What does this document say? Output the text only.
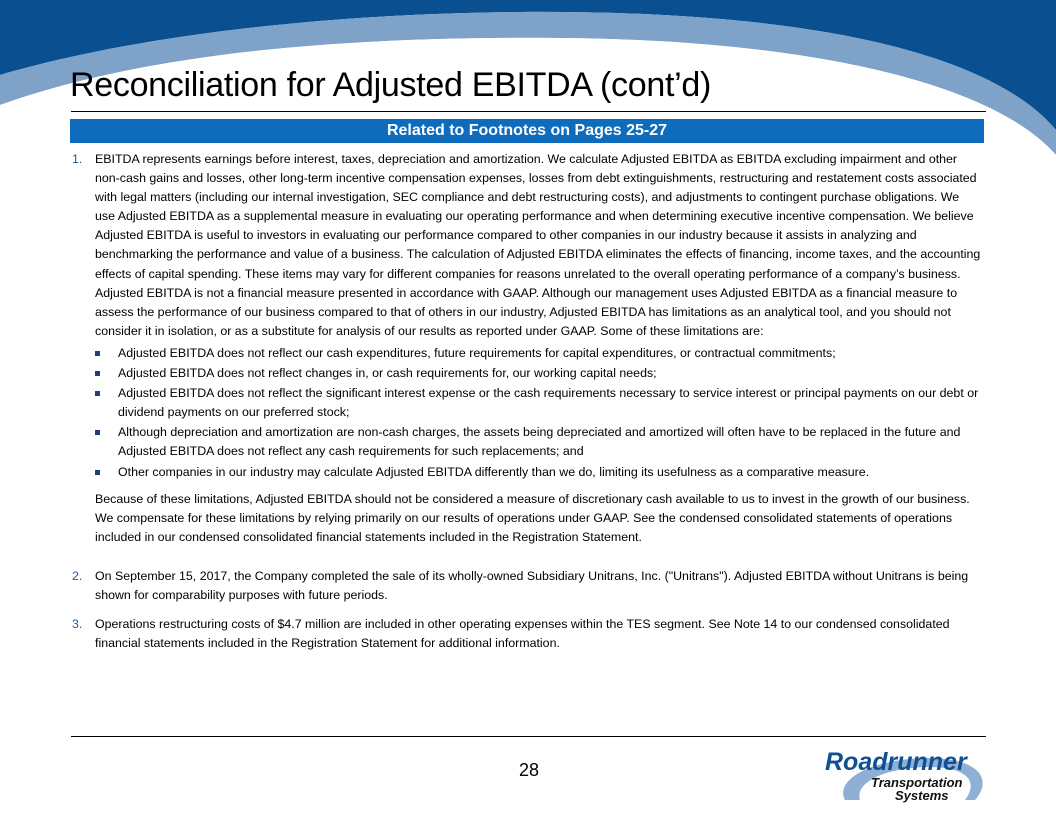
Reconciliation for Adjusted EBITDA (cont’d)
Related to Footnotes on Pages 25-27
1. EBITDA represents earnings before interest, taxes, depreciation and amortization. We calculate Adjusted EBITDA as EBITDA excluding impairment and other non-cash gains and losses, other long-term incentive compensation expenses, losses from debt extinguishments, restructuring and restatement costs associated with legal matters (including our internal investigation, SEC compliance and debt restructuring costs), and adjustments to contingent purchase obligations. We use Adjusted EBITDA as a supplemental measure in evaluating our operating performance and when determining executive incentive compensation. We believe Adjusted EBITDA is useful to investors in evaluating our performance compared to other companies in our industry because it assists in analyzing and benchmarking the performance and value of a business. The calculation of Adjusted EBITDA eliminates the effects of financing, income taxes, and the accounting effects of capital spending. These items may vary for different companies for reasons unrelated to the overall operating performance of a company’s business. Adjusted EBITDA is not a financial measure presented in accordance with GAAP. Although our management uses Adjusted EBITDA as a financial measure to assess the performance of our business compared to that of others in our industry, Adjusted EBITDA has limitations as an analytical tool, and you should not consider it in isolation, or as a substitute for analysis of our results as reported under GAAP. Some of these limitations are:
Adjusted EBITDA does not reflect our cash expenditures, future requirements for capital expenditures, or contractual commitments;
Adjusted EBITDA does not reflect changes in, or cash requirements for, our working capital needs;
Adjusted EBITDA does not reflect the significant interest expense or the cash requirements necessary to service interest or principal payments on our debt or dividend payments on our preferred stock;
Although depreciation and amortization are non-cash charges, the assets being depreciated and amortized will often have to be replaced in the future and Adjusted EBITDA does not reflect any cash requirements for such replacements; and
Other companies in our industry may calculate Adjusted EBITDA differently than we do, limiting its usefulness as a comparative measure.
Because of these limitations, Adjusted EBITDA should not be considered a measure of discretionary cash available to us to invest in the growth of our business. We compensate for these limitations by relying primarily on our results of operations under GAAP. See the condensed consolidated statements of operations included in our condensed consolidated financial statements included in the Registration Statement.
2. On September 15, 2017, the Company completed the sale of its wholly-owned Subsidiary Unitrans, Inc. ("Unitrans"). Adjusted EBITDA without Unitrans is being shown for comparability purposes with future periods.
3. Operations restructuring costs of $4.7 million are included in other operating expenses within the TES segment. See Note 14 to our condensed consolidated financial statements included in the Registration Statement for additional information.
28	Roadrunner
Transportation
Systems
